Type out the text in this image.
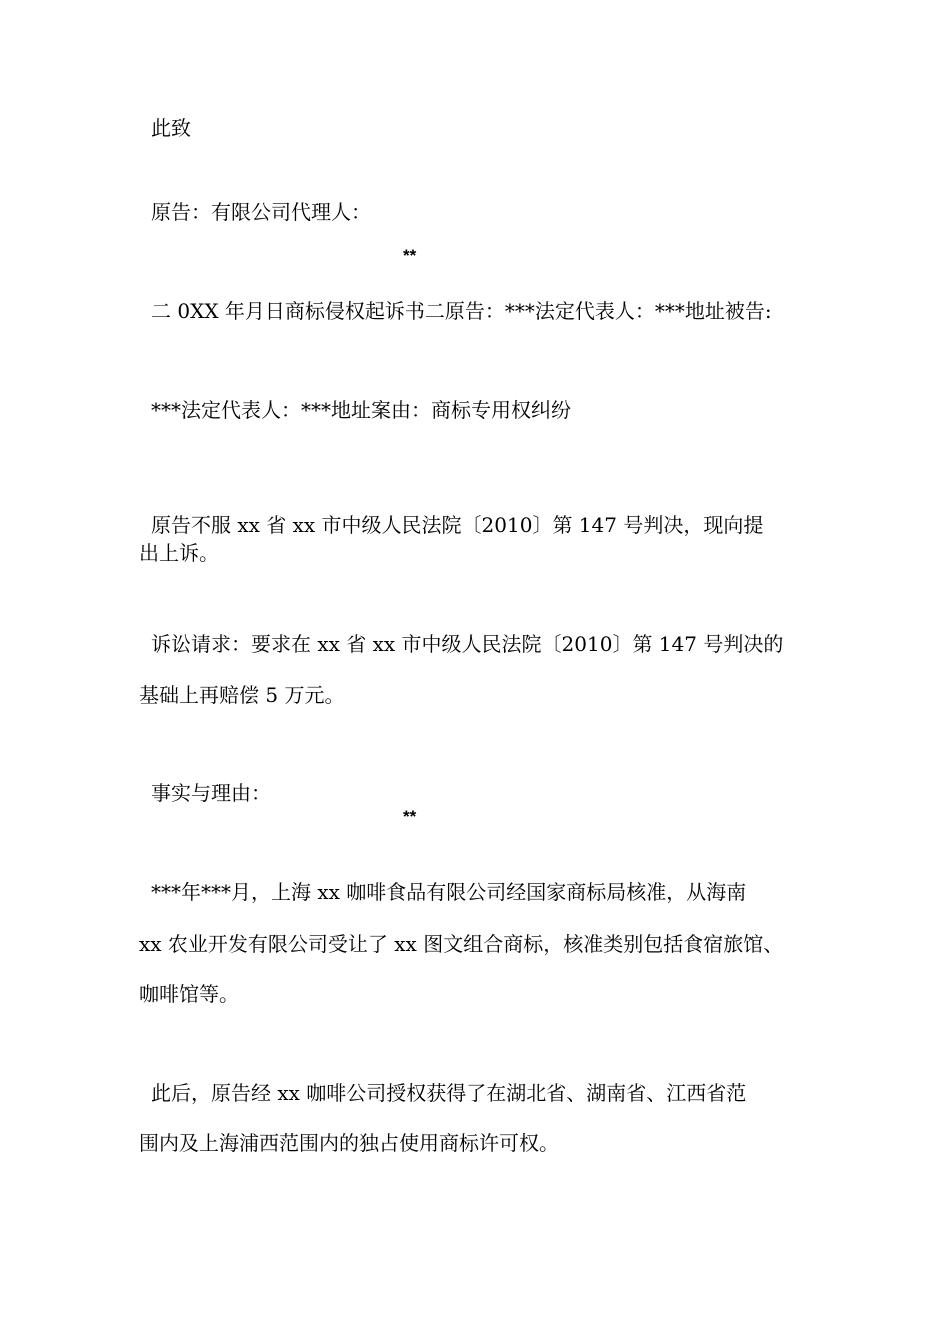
此致
原告：有限公司代理人：
**
二 0XX 年月日商标侵权起诉书二原告：***法定代表人：***地址被告:
***法定代表人：***地址案由：商标专用权纠纷
原告不服 xx 省 xx 市中级人民法院〔2010〕第 147 号判决，现向提
出上诉。
诉讼请求：要求在 xx 省 xx 市中级人民法院〔2010〕第 147 号判决的
基础上再赔偿 5 万元。
事实与理由：
**
***年***月，上海 xx 咖啡食品有限公司经国家商标局核准，从海南
xx 农业开发有限公司受让了 xx 图文组合商标，核准类别包括食宿旅馆、
咖啡馆等。
此后，原告经 xx 咖啡公司授权获得了在湖北省、湖南省、江西省范
围内及上海浦西范围内的独占使用商标许可权。
